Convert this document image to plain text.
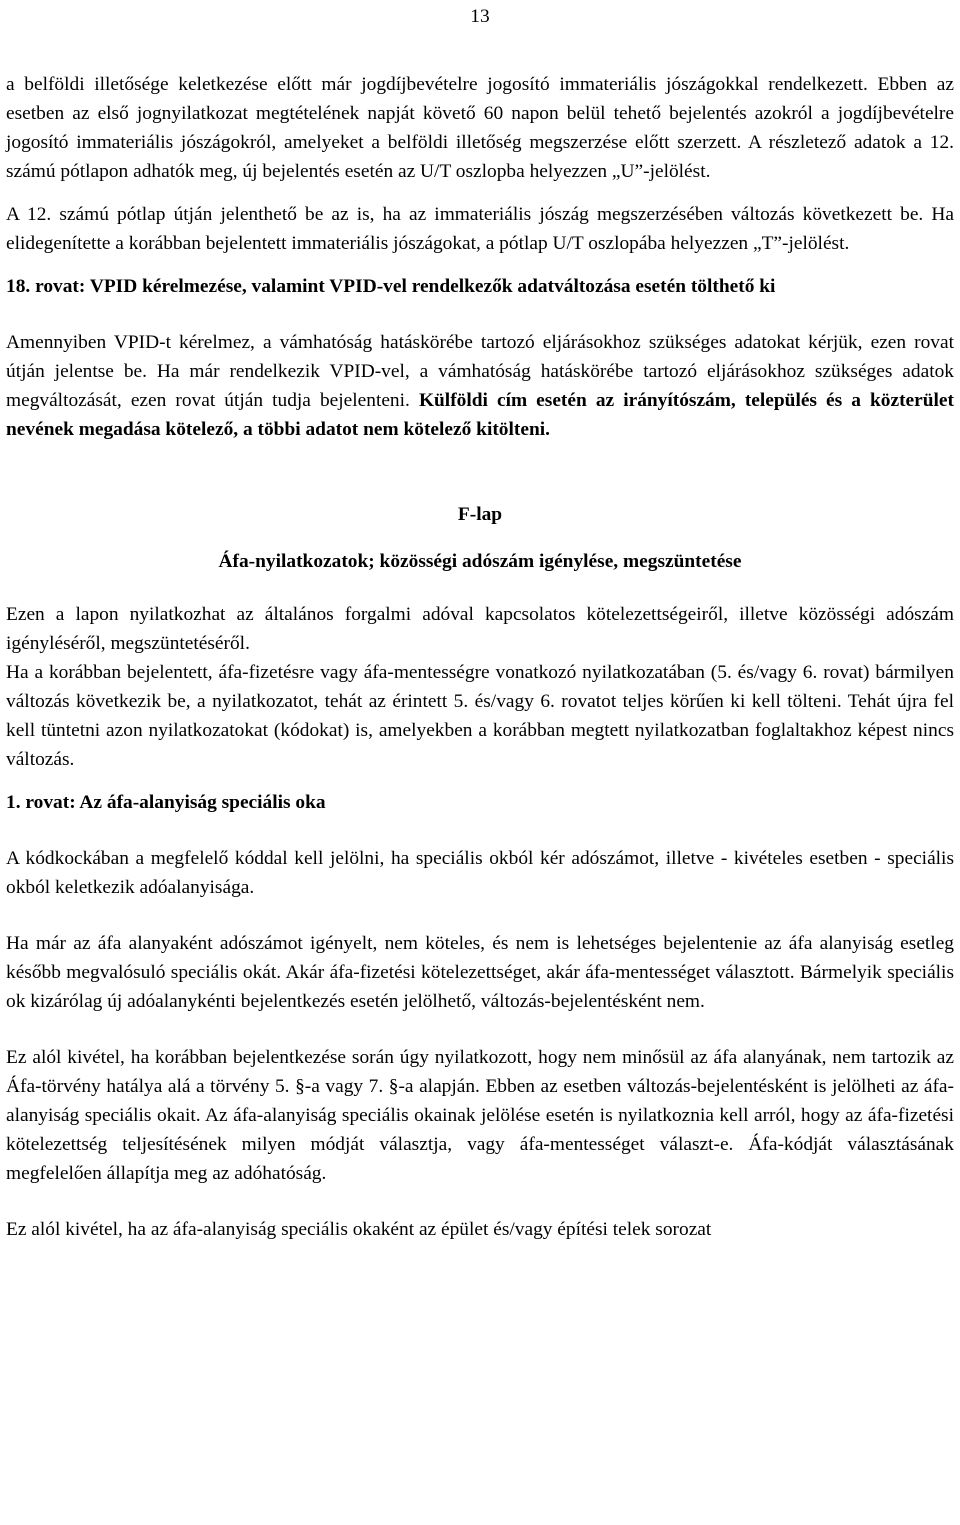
13

a belföldi illetősége keletkezése előtt már jogdíjbevételre jogosító immateriális jószágokkal rendelkezett. Ebben az esetben az első jognyilatkozat megtételének napját követő 60 napon belül tehető bejelentés azokról a jogdíjbevételre jogosító immateriális jószágokról, amelyeket a belföldi illetőség megszerzése előtt szerzett. A részletező adatok a 12. számú pótlapon adhatók meg, új bejelentés esetén az U/T oszlopba helyezzen „U”-jelölést.

A 12. számú pótlap útján jelenthető be az is, ha az immateriális jószág megszerzésében változás következett be. Ha elidegenítette a korábban bejelentett immateriális jószágokat, a pótlap U/T oszlopába helyezzen „T”-jelölést.

18. rovat: VPID kérelmezése, valamint VPID-vel rendelkezők adatváltozása esetén tölthető ki

Amennyiben VPID-t kérelmez, a vámhatóság hatáskörébe tartozó eljárásokhoz szükséges adatokat kérjük, ezen rovat útján jelentse be. Ha már rendelkezik VPID-vel, a vámhatóság hatáskörébe tartozó eljárásokhoz szükséges adatok megváltozását, ezen rovat útján tudja bejelenteni. Külföldi cím esetén az irányítószám, település és a közterület nevének megadása kötelező, a többi adatot nem kötelező kitölteni.

F-lap

Áfa-nyilatkozatok; közösségi adószám igénylése, megszüntetése

Ezen a lapon nyilatkozhat az általános forgalmi adóval kapcsolatos kötelezettségeiről, illetve közösségi adószám igényléséről, megszüntetéséről.

Ha a korábban bejelentett, áfa-fizetésre vagy áfa-mentességre vonatkozó nyilatkozatában (5. és/vagy 6. rovat) bármilyen változás következik be, a nyilatkozatot, tehát az érintett 5. és/vagy 6. rovatot teljes körűen ki kell tölteni. Tehát újra fel kell tüntetni azon nyilatkozatokat (kódokat) is, amelyekben a korábban megtett nyilatkozatban foglaltakhoz képest nincs változás.

1. rovat: Az áfa-alanyiság speciális oka

A kódkockában a megfelelő kóddal kell jelölni, ha speciális okból kér adószámot, illetve - kivételes esetben - speciális okból keletkezik adóalanyisága.

Ha már az áfa alanyaként adószámot igényelt, nem köteles, és nem is lehetséges bejelentenie az áfa alanyiság esetleg később megvalósuló speciális okát. Akár áfa-fizetési kötelezettséget, akár áfa-mentességet választott. Bármelyik speciális ok kizárólag új adóalanykénti bejelentkezés esetén jelölhető, változás-bejelentésként nem.

Ez alól kivétel, ha korábban bejelentkezése során úgy nyilatkozott, hogy nem minősül az áfa alanyának, nem tartozik az Áfa-törvény hatálya alá a törvény 5. §-a vagy 7. §-a alapján. Ebben az esetben változás-bejelentésként is jelölheti az áfa-alanyiság speciális okait. Az áfa-alanyiság speciális okainak jelölése esetén is nyilatkoznia kell arról, hogy az áfa-fizetési kötelezettség teljesítésének milyen módját választja, vagy áfa-mentességet választ-e. Áfa-kódját választásának megfelelően állapítja meg az adóhatóság.

Ez alól kivétel, ha az áfa-alanyiság speciális okaként az épület és/vagy építési telek sorozat
